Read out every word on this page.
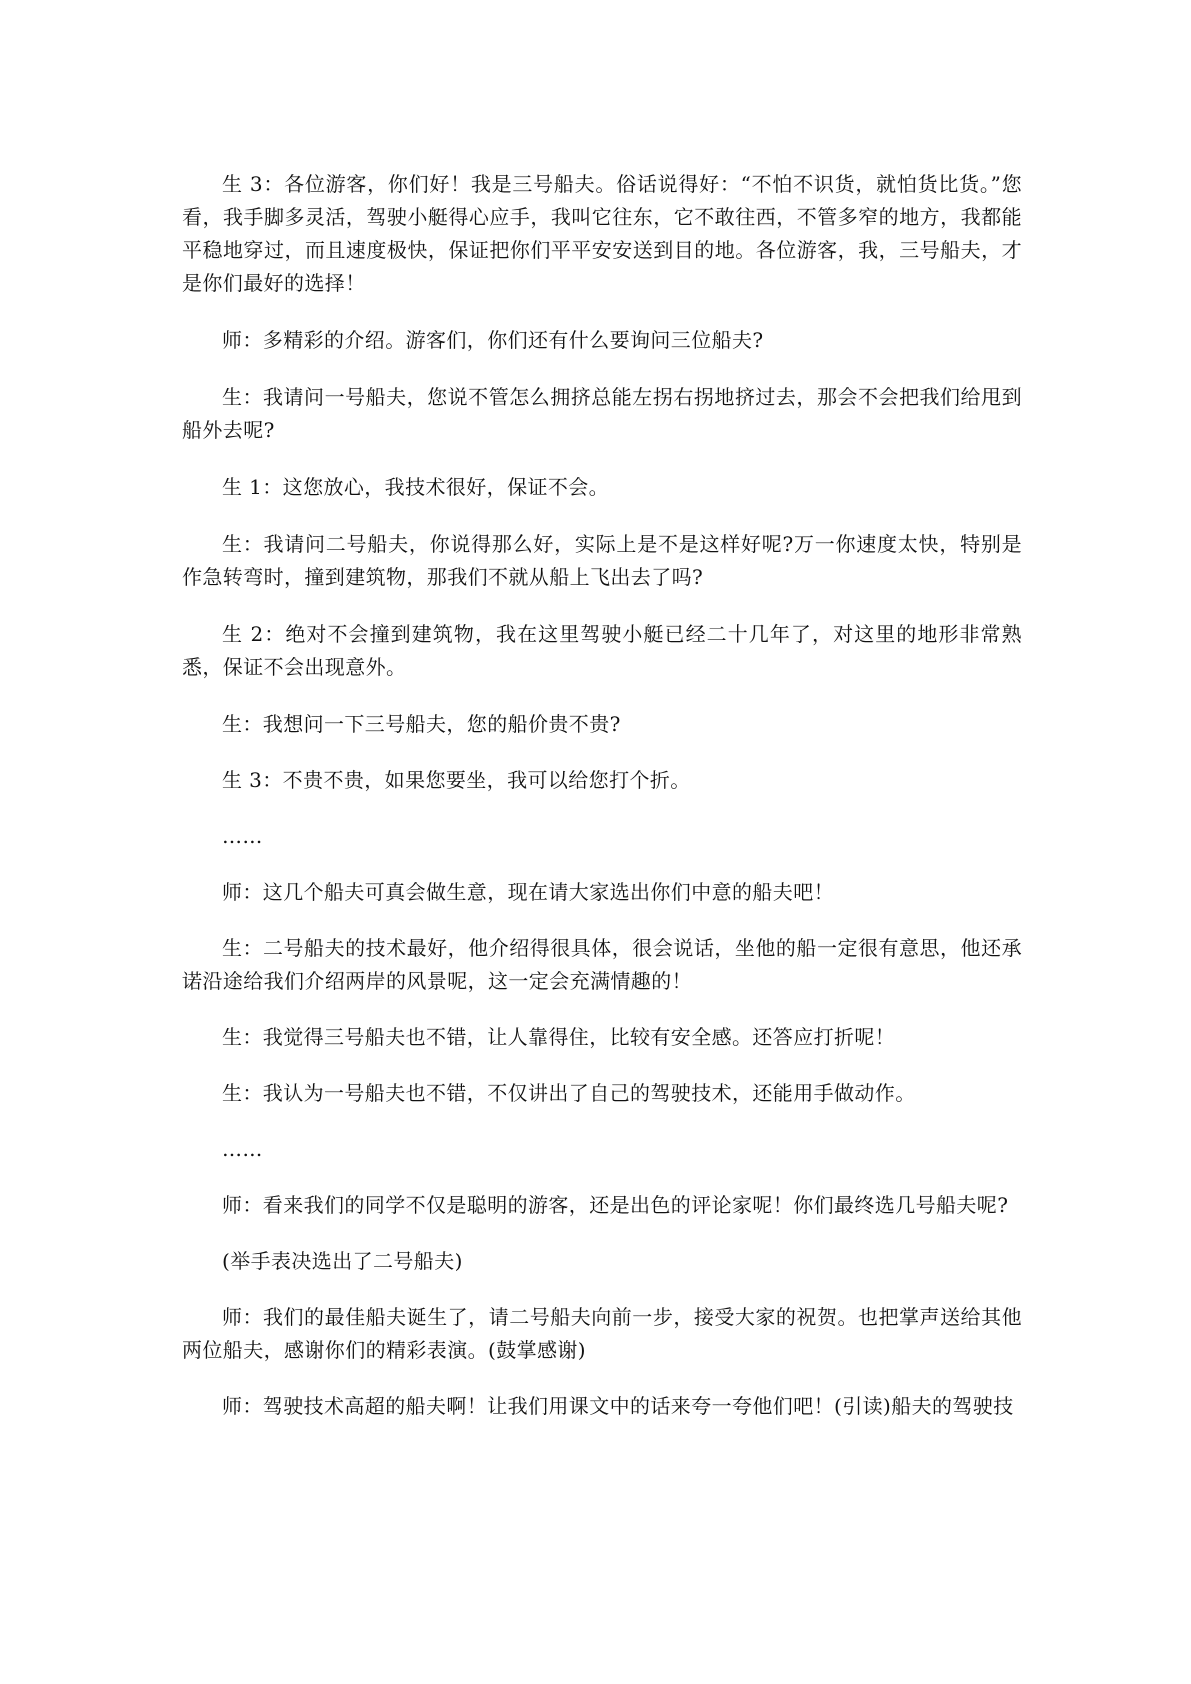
生 3：各位游客，你们好！我是三号船夫。俗话说得好：“不怕不识货，就怕货比货。”您看，我手脚多灵活，驾驶小艇得心应手，我叫它往东，它不敢往西，不管多窄的地方，我都能平稳地穿过，而且速度极快，保证把你们平平安安送到目的地。各位游客，我，三号船夫，才是你们最好的选择！

师：多精彩的介绍。游客们，你们还有什么要询问三位船夫?

生：我请问一号船夫，您说不管怎么拥挤总能左拐右拐地挤过去，那会不会把我们给甩到船外去呢?

生 1：这您放心，我技术很好，保证不会。

生：我请问二号船夫，你说得那么好，实际上是不是这样好呢?万一你速度太快，特别是作急转弯时，撞到建筑物，那我们不就从船上飞出去了吗?

生 2：绝对不会撞到建筑物，我在这里驾驶小艇已经二十几年了，对这里的地形非常熟悉，保证不会出现意外。

生：我想问一下三号船夫，您的船价贵不贵?

生 3：不贵不贵，如果您要坐，我可以给您打个折。

……

师：这几个船夫可真会做生意，现在请大家选出你们中意的船夫吧！

生：二号船夫的技术最好，他介绍得很具体，很会说话，坐他的船一定很有意思，他还承诺沿途给我们介绍两岸的风景呢，这一定会充满情趣的！

生：我觉得三号船夫也不错，让人靠得住，比较有安全感。还答应打折呢！

生：我认为一号船夫也不错，不仅讲出了自己的驾驶技术，还能用手做动作。

……

师：看来我们的同学不仅是聪明的游客，还是出色的评论家呢！你们最终选几号船夫呢?

(举手表决选出了二号船夫)

师：我们的最佳船夫诞生了，请二号船夫向前一步，接受大家的祝贺。也把掌声送给其他两位船夫，感谢你们的精彩表演。(鼓掌感谢)

师：驾驶技术高超的船夫啊！让我们用课文中的话来夸一夸他们吧！(引读)船夫的驾驶技
